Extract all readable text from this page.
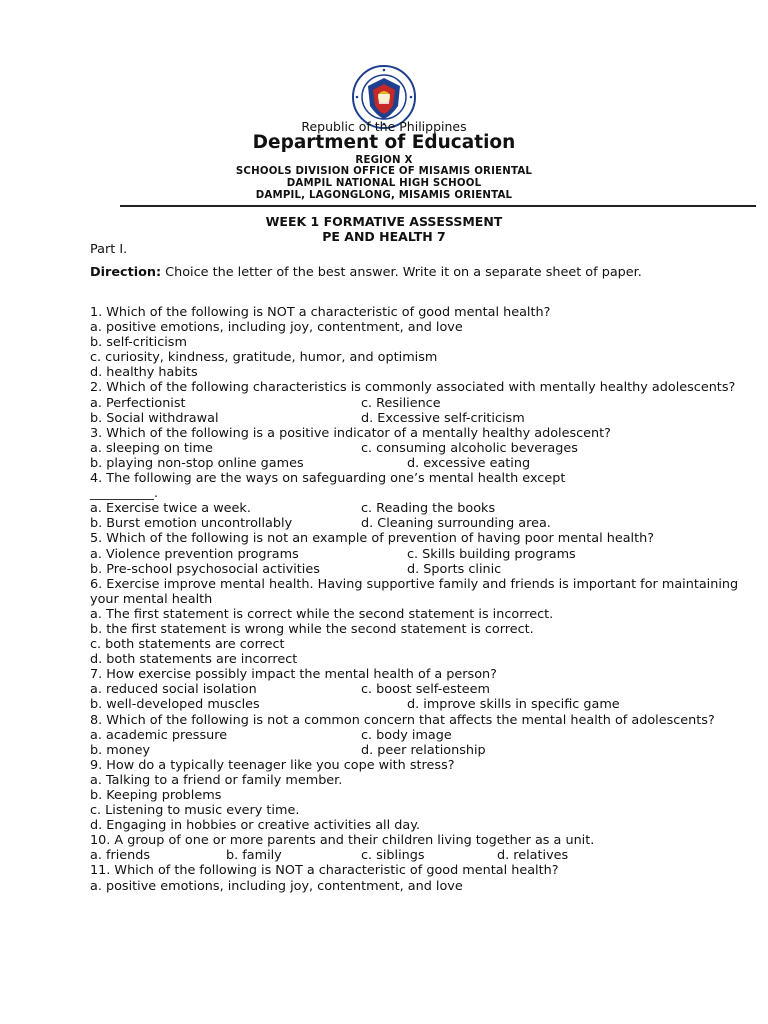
Republic of the Philippines
Department of Education
REGION X
SCHOOLS DIVISION OFFICE OF MISAMIS ORIENTAL
DAMPIL NATIONAL HIGH SCHOOL
DAMPIL, LAGONGLONG, MISAMIS ORIENTAL
WEEK 1 FORMATIVE ASSESSMENT
PE AND HEALTH 7
Part I.
Direction: Choice the letter of the best answer. Write it on a separate sheet of paper.
1. Which of the following is NOT a characteristic of good mental health?
a. positive emotions, including joy, contentment, and love
b. self-criticism
c. curiosity, kindness, gratitude, humor, and optimism
d. healthy habits
2. Which of the following characteristics is commonly associated with mentally healthy adolescents?
a. Perfectionist	c. Resilience
b. Social withdrawal	d. Excessive self-criticism
3. Which of the following is a positive indicator of a mentally healthy adolescent?
a. sleeping on time	c. consuming alcoholic beverages
b. playing non-stop online games	d. excessive eating
4. The following are the ways on safeguarding one’s mental health except
__________.
a. Exercise twice a week.	c. Reading the books
b. Burst emotion uncontrollably	d. Cleaning surrounding area.
5. Which of the following is not an example of prevention of having poor mental health?
a. Violence prevention programs	c. Skills building programs
b. Pre-school psychosocial activities	d. Sports clinic
6. Exercise improve mental health. Having supportive family and friends is important for maintaining your mental health
a. The first statement is correct while the second statement is incorrect.
b. the first statement is wrong while the second statement is correct.
c. both statements are correct
d. both statements are incorrect
7. How exercise possibly impact the mental health of a person?
a. reduced social isolation	c. boost self-esteem
b. well-developed muscles	d. improve skills in specific game
8. Which of the following is not a common concern that affects the mental health of adolescents?
a. academic pressure	c. body image
b. money	d. peer relationship
9. How do a typically teenager like you cope with stress?
a. Talking to a friend or family member.
b. Keeping problems
c. Listening to music every time.
d. Engaging in hobbies or creative activities all day.
10. A group of one or more parents and their children living together as a unit.
a. friends	b. family	c. siblings	d. relatives
11. Which of the following is NOT a characteristic of good mental health?
a. positive emotions, including joy, contentment, and love
